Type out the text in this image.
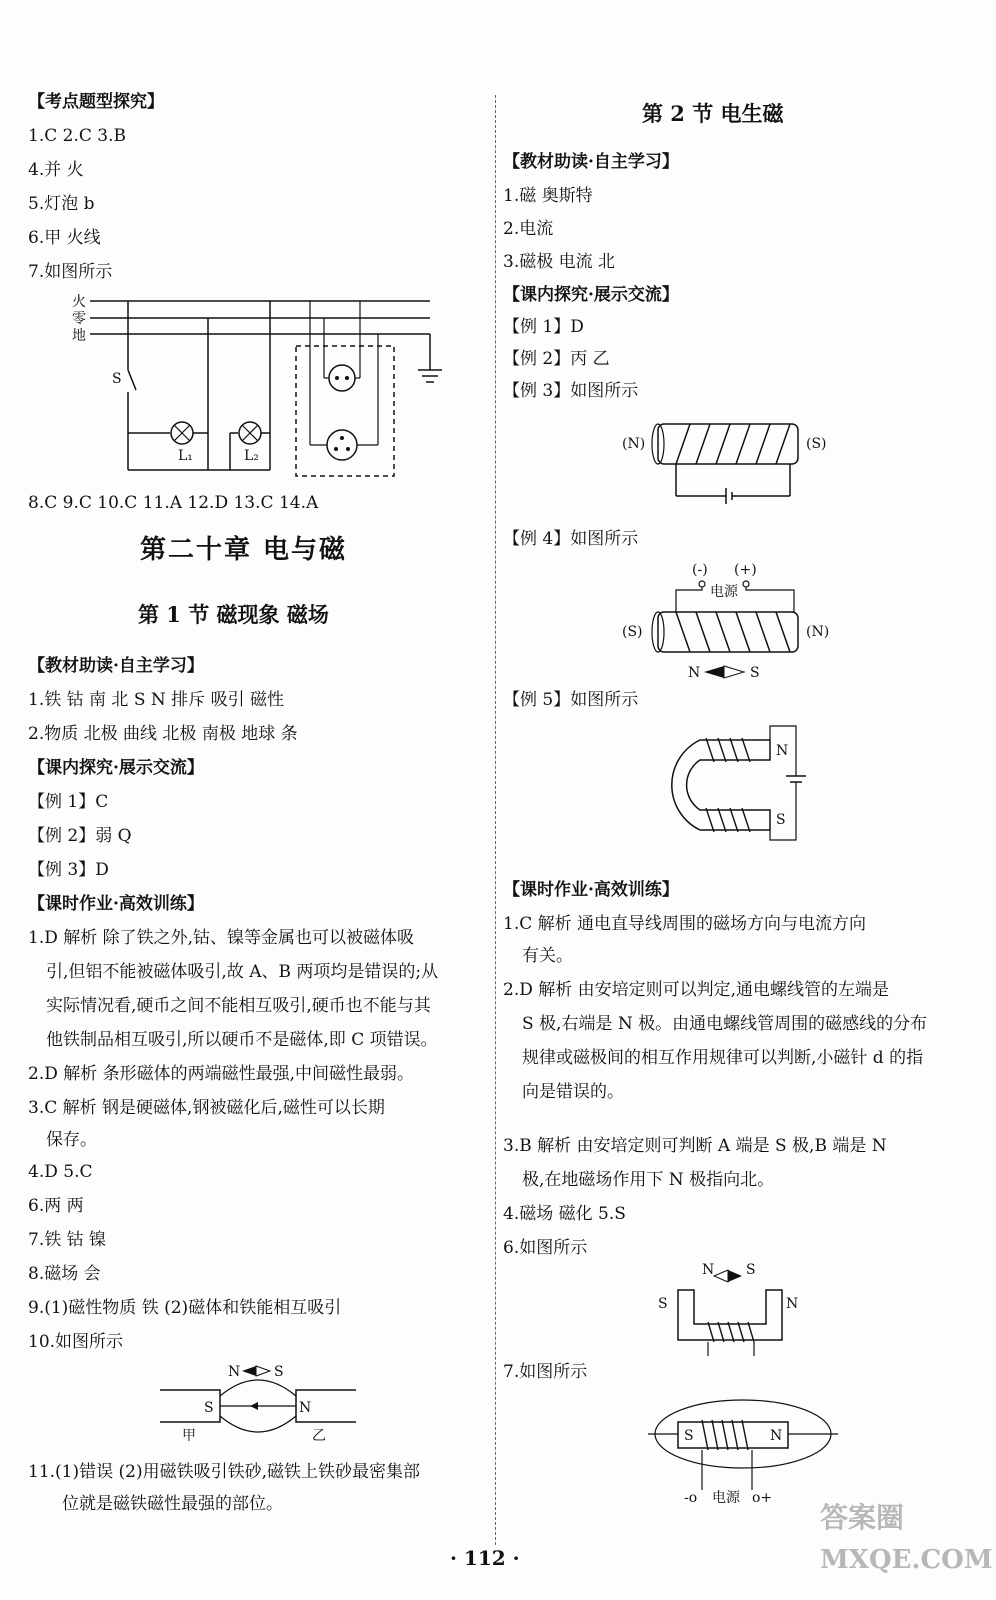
【考点题型探究】
1.C 2.C 3.B
4.并 火
5.灯泡 b
6.甲 火线
7.如图所示
火
零
地
S
L₁	L₂
8.C 9.C 10.C 11.A 12.D 13.C 14.A
第二十章 电与磁
第 1 节 磁现象 磁场
【教材助读·自主学习】
1.铁 钴 南 北 S N 排斥 吸引 磁性
2.物质 北极 曲线 北极 南极 地球 条
【课内探究·展示交流】
【例 1】C
【例 2】弱 Q
【例 3】D
【课时作业·高效训练】
1.D 解析 除了铁之外,钴、镍等金属也可以被磁体吸
引,但铝不能被磁体吸引,故 A、B 两项均是错误的;从
实际情况看,硬币之间不能相互吸引,硬币也不能与其
他铁制品相互吸引,所以硬币不是磁体,即 C 项错误。
2.D 解析 条形磁体的两端磁性最强,中间磁性最弱。
3.C 解析 钢是硬磁体,钢被磁化后,磁性可以长期
保存。
4.D 5.C
6.两 两
7.铁 钴 镍
8.磁场 会
9.(1)磁性物质 铁 (2)磁体和铁能相互吸引
10.如图所示
N S
S	N
甲	乙
11.(1)错误 (2)用磁铁吸引铁砂,磁铁上铁砂最密集部
位就是磁铁磁性最强的部位。
第 2 节 电生磁
【教材助读·自主学习】
1.磁 奥斯特
2.电流
3.磁极 电流 北
【课内探究·展示交流】
【例 1】D
【例 2】丙 乙
【例 3】如图所示
(N)	(S)
【例 4】如图所示
(-) (+)
电源
(S)	(N)
N	S
【例 5】如图所示
N
S
【课时作业·高效训练】
1.C 解析 通电直导线周围的磁场方向与电流方向
有关。
2.D 解析 由安培定则可以判定,通电螺线管的左端是
S 极,右端是 N 极。由通电螺线管周围的磁感线的分布
规律或磁极间的相互作用规律可以判断,小磁针 d 的指
向是错误的。
3.B 解析 由安培定则可判断 A 端是 S 极,B 端是 N
极,在地磁场作用下 N 极指向北。
4.磁场 磁化 5.S
6.如图所示
N S
S	N
7.如图所示
S	N
-o 电源 o+
· 112 ·
答案圈
MXQE.COM
